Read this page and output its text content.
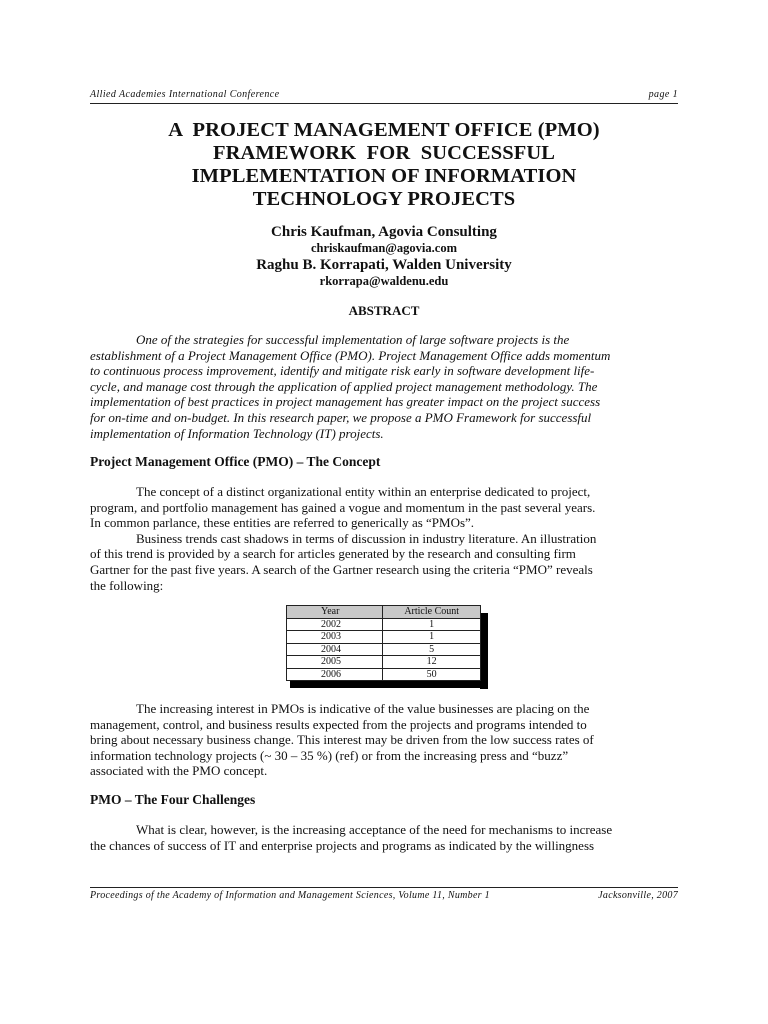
Allied Academies International Conference	page 1
A  PROJECT MANAGEMENT OFFICE (PMO)
FRAMEWORK  FOR  SUCCESSFUL
IMPLEMENTATION OF INFORMATION
TECHNOLOGY PROJECTS
Chris Kaufman, Agovia Consulting
chriskaufman@agovia.com
Raghu B. Korrapati, Walden University
rkorrapa@waldenu.edu
ABSTRACT
One of the strategies for successful implementation of large software projects is the
establishment of a Project Management Office (PMO). Project Management Office adds momentum
to continuous process improvement, identify and mitigate risk early in software development life-
cycle, and manage cost through the application of applied project management methodology. The
implementation of best practices in project management has greater impact on the project success
for on-time and on-budget. In this research paper, we propose a PMO Framework for successful
implementation of Information Technology (IT) projects.
Project Management Office (PMO) – The Concept
The concept of a distinct organizational entity within an enterprise dedicated to project,
program, and portfolio management has gained a vogue and momentum in the past several years.
In common parlance, these entities are referred to generically as “PMOs”.
Business trends cast shadows in terms of discussion in industry literature. An illustration
of this trend is provided by a search for articles generated by the research and consulting firm
Gartner for the past five years. A search of the Gartner research using the criteria “PMO” reveals
the following:
Year	Article Count
2002	1
2003	1
2004	5
2005	12
2006	50
The increasing interest in PMOs is indicative of the value businesses are placing on the
management, control, and business results expected from the projects and programs intended to
bring about necessary business change. This interest may be driven from the low success rates of
information technology projects (~ 30 – 35 %) (ref) or from the increasing press and “buzz”
associated with the PMO concept.
PMO – The Four Challenges
What is clear, however, is the increasing acceptance of the need for mechanisms to increase
the chances of success of IT and enterprise projects and programs as indicated by the willingness
Proceedings of the Academy of Information and Management Sciences, Volume 11, Number 1	Jacksonville, 2007
